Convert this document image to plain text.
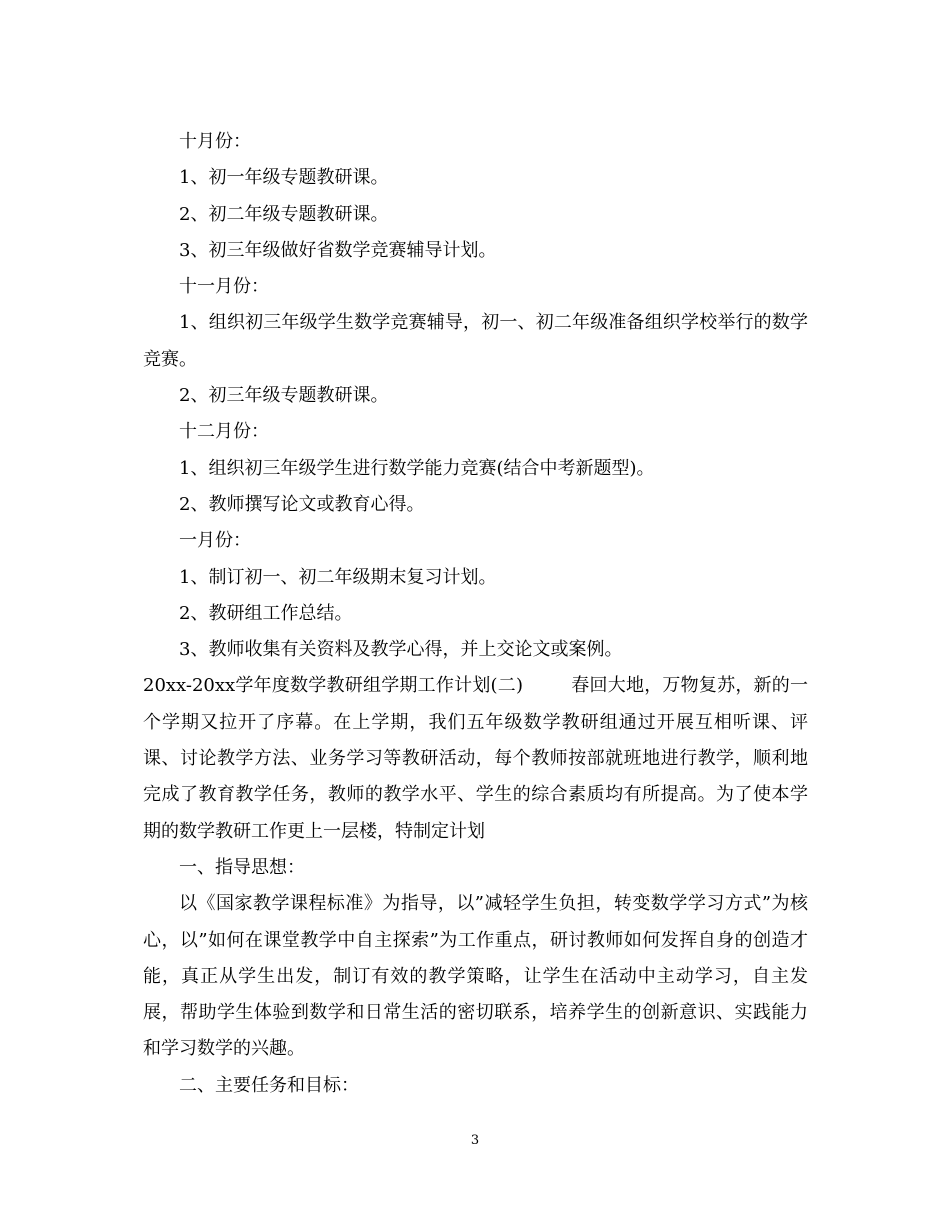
十月份：

1、初一年级专题教研课。

2、初二年级专题教研课。

3、初三年级做好省数学竞赛辅导计划。

十一月份：

1、组织初三年级学生数学竞赛辅导，初一、初二年级准备组织学校举行的数学竞赛。

2、初三年级专题教研课。

十二月份：

1、组织初三年级学生进行数学能力竞赛(结合中考新题型)。

2、教师撰写论文或教育心得。

一月份：

1、制订初一、初二年级期末复习计划。

2、教研组工作总结。

3、教师收集有关资料及教学心得，并上交论文或案例。

20xx-20xx学年度数学教研组学期工作计划(二)	春回大地，万物复苏，新的一个学期又拉开了序幕。在上学期，我们五年级数学教研组通过开展互相听课、评课、讨论教学方法、业务学习等教研活动，每个教师按部就班地进行教学，顺利地完成了教育教学任务，教师的教学水平、学生的综合素质均有所提高。为了使本学期的数学教研工作更上一层楼，特制定计划

一、指导思想：

以《国家教学课程标准》为指导，以”减轻学生负担，转变数学学习方式”为核心，以”如何在课堂教学中自主探索”为工作重点，研讨教师如何发挥自身的创造才能，真正从学生出发，制订有效的教学策略，让学生在活动中主动学习，自主发展，帮助学生体验到数学和日常生活的密切联系，培养学生的创新意识、实践能力和学习数学的兴趣。

二、主要任务和目标：

3
